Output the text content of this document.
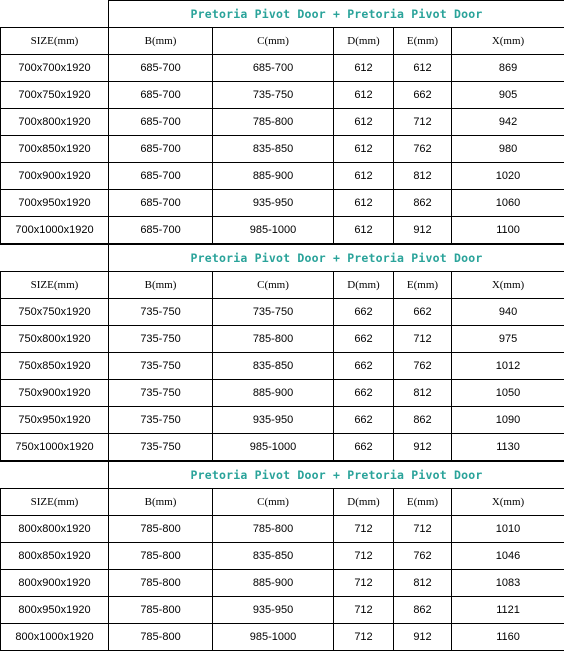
	Pretoria Pivot Door + Pretoria Pivot Door				
SIZE(mm)	B(mm)	C(mm)	D(mm)	E(mm)	X(mm)
700x700x1920	685-700	685-700	612	612	869
700x750x1920	685-700	735-750	612	662	905
700x800x1920	685-700	785-800	612	712	942
700x850x1920	685-700	835-850	612	762	980
700x900x1920	685-700	885-900	612	812	1020
700x950x1920	685-700	935-950	612	862	1060
700x1000x1920	685-700	985-1000	612	912	1100
	Pretoria Pivot Door + Pretoria Pivot Door				
SIZE(mm)	B(mm)	C(mm)	D(mm)	E(mm)	X(mm)
750x750x1920	735-750	735-750	662	662	940
750x800x1920	735-750	785-800	662	712	975
750x850x1920	735-750	835-850	662	762	1012
750x900x1920	735-750	885-900	662	812	1050
750x950x1920	735-750	935-950	662	862	1090
750x1000x1920	735-750	985-1000	662	912	1130
	Pretoria Pivot Door + Pretoria Pivot Door				
SIZE(mm)	B(mm)	C(mm)	D(mm)	E(mm)	X(mm)
800x800x1920	785-800	785-800	712	712	1010
800x850x1920	785-800	835-850	712	762	1046
800x900x1920	785-800	885-900	712	812	1083
800x950x1920	785-800	935-950	712	862	1121
800x1000x1920	785-800	985-1000	712	912	1160
